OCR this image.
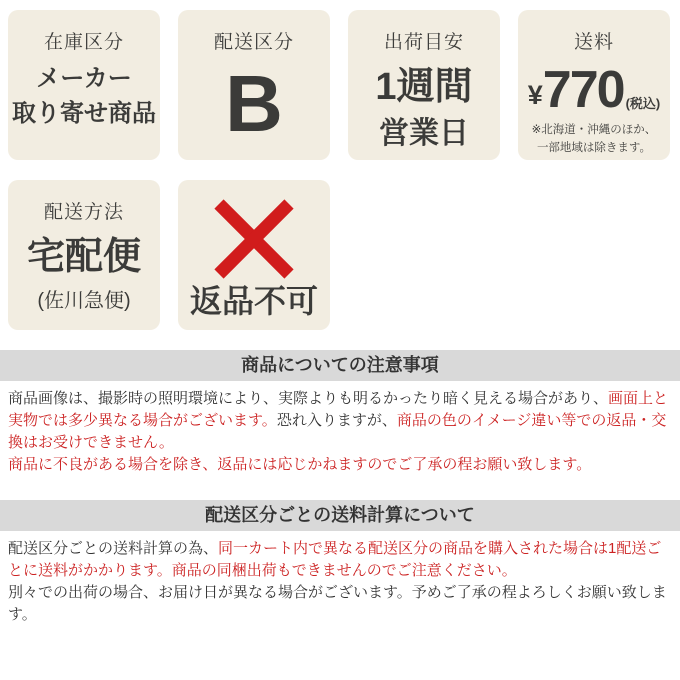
在庫区分
メーカー
取り寄せ商品
配送区分
B
出荷目安
1週間
営業日
送料
¥ 770 (税込)
※北海道・沖縄のほか、
一部地域は除きます。
配送方法
宅配便
(佐川急便) 返品不可
商品についての注意事項

商品画像は、撮影時の照明環境により、実際よりも明るかったり暗く見える場合があり、画面上と実物では多少異なる場合がございます。恐れ入りますが、商品の色のイメージ違い等での返品・交換はお受けできません。
商品に不良がある場合を除き、返品には応じかねますのでご了承の程お願い致します。

配送区分ごとの送料計算について

配送区分ごとの送料計算の為、同一カート内で異なる配送区分の商品を購入された場合は1配送ごとに送料がかかります。商品の同梱出荷もできませんのでご注意ください。
別々での出荷の場合、お届け日が異なる場合がございます。予めご了承の程よろしくお願い致します。
